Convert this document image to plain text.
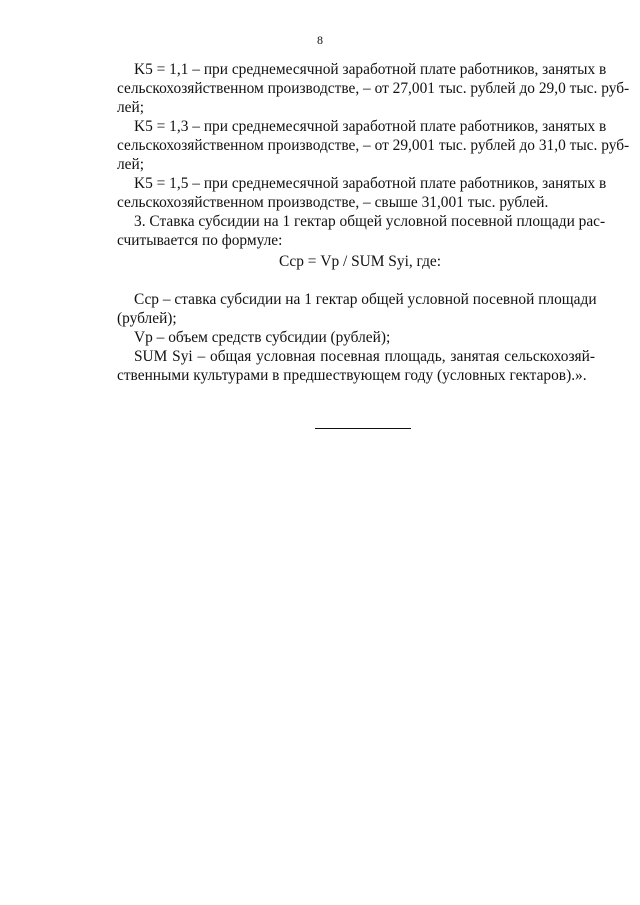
8
K5 = 1,1 – при среднемесячной заработной плате работников, занятых в
сельскохозяйственном производстве, – от 27,001 тыс. рублей до 29,0 тыс. руб-
лей;
K5 = 1,3 – при среднемесячной заработной плате работников, занятых в
сельскохозяйственном производстве, – от 29,001 тыс. рублей до 31,0 тыс. руб-
лей;
K5 = 1,5 – при среднемесячной заработной плате работников, занятых в
сельскохозяйственном производстве, – свыше 31,001 тыс. рублей.
3. Ставка субсидии на 1 гектар общей условной посевной площади рас-
считывается по формуле:
Сср = Vp / SUM Syi, где:
Сср – ставка субсидии на 1 гектар общей условной посевной площади
(рублей);
Vp – объем средств субсидии (рублей);
SUM Syi – общая условная посевная площадь, занятая сельскохозяй-
ственными культурами в предшествующем году (условных гектаров).».
